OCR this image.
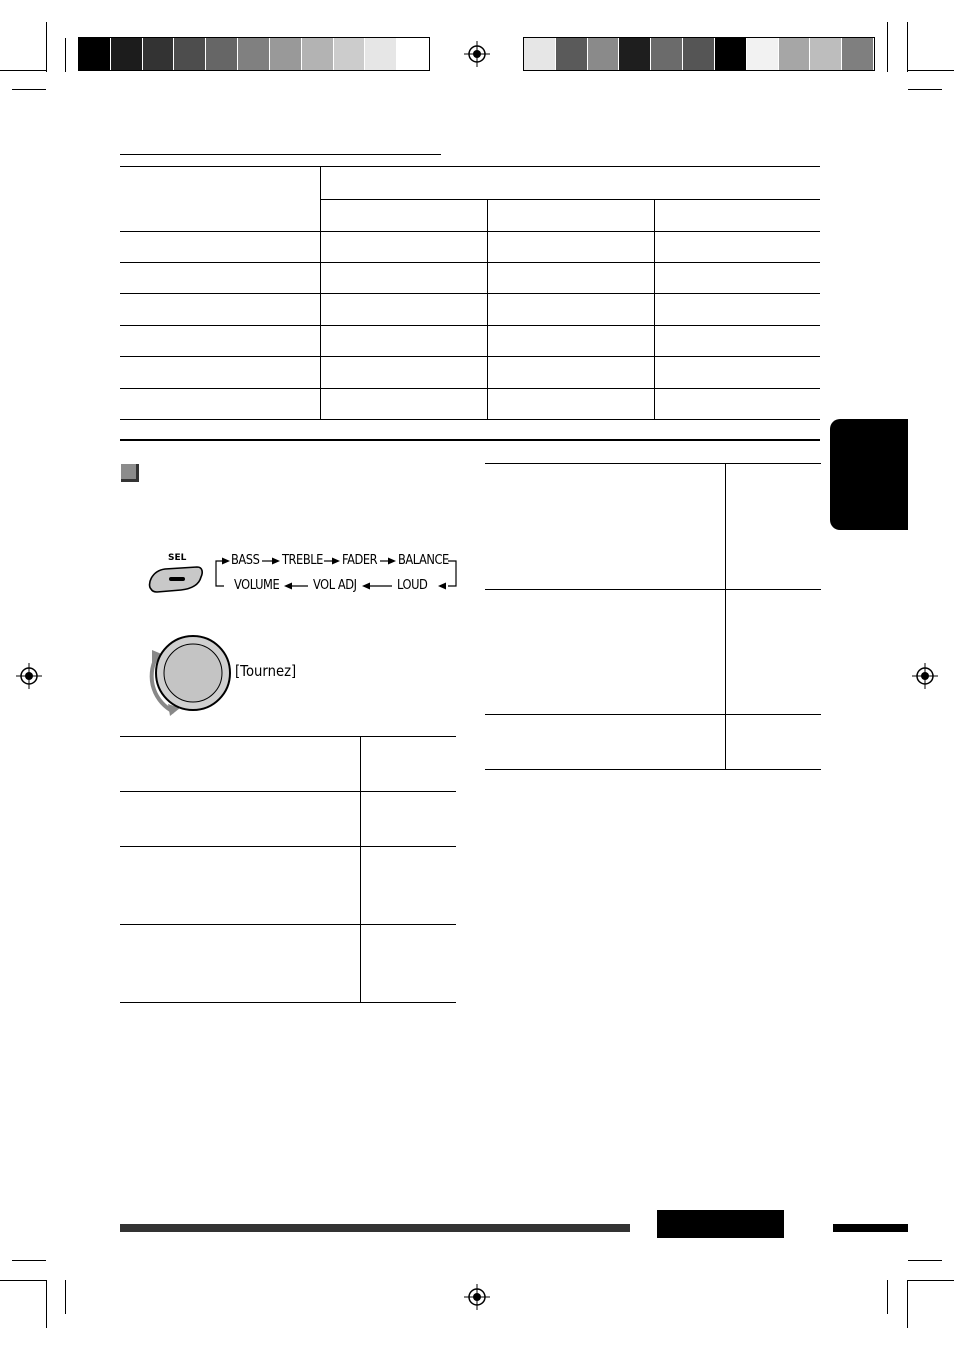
SEL	BASS TREBLE FADER BALANCE
VOLUME	VOL ADJ	LOUD
[Tournez]
